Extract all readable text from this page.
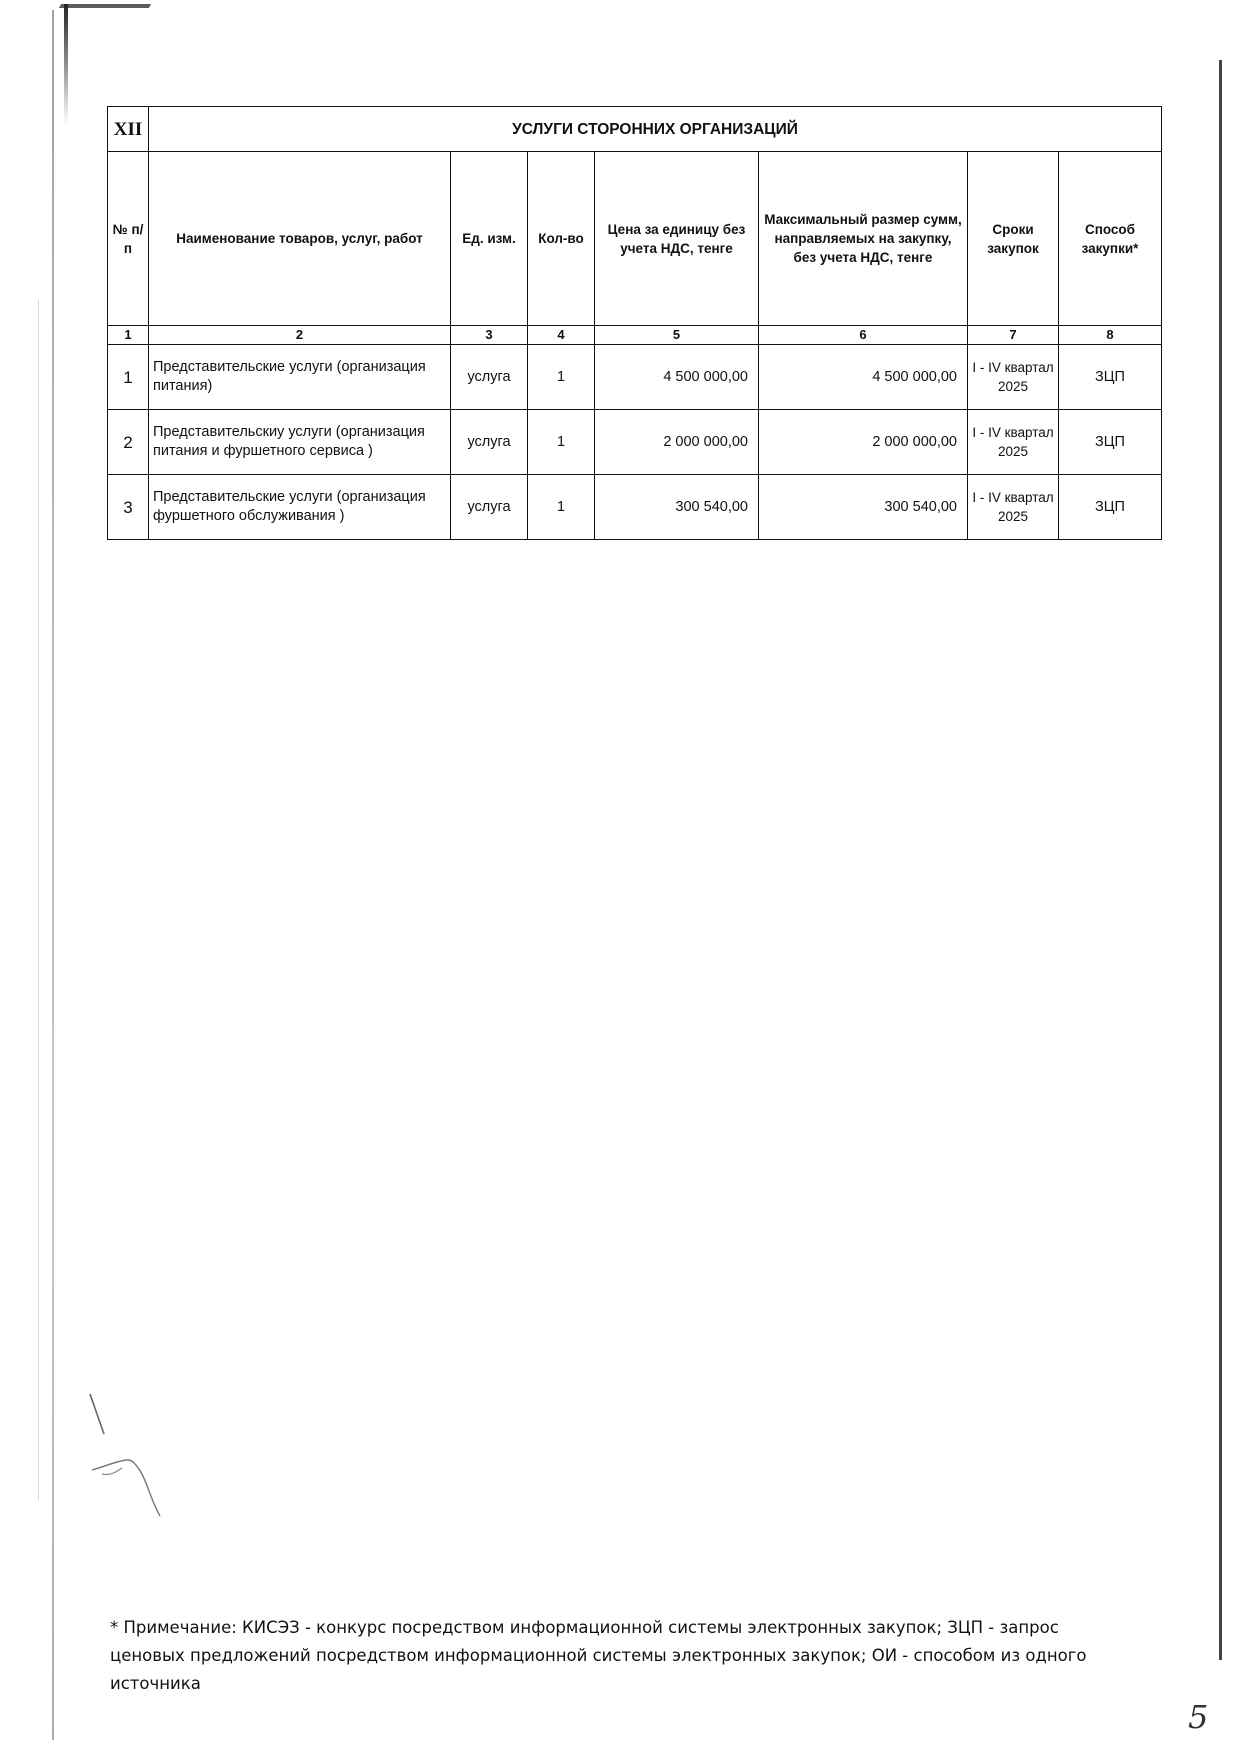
XII	УСЛУГИ СТОРОННИХ ОРГАНИЗАЦИЙ						
№ п/п	Наименование товаров, услуг, работ	Ед. изм.	Кол-во	Цена за единицу без учета НДС, тенге	Максимальный размер сумм, направляемых на закупку, без учета НДС, тенге	Сроки закупок	Способ закупки*
1	2	3	4	5	6	7	8
1	Представительские услуги (организация питания)	услуга	1	4 500 000,00	4 500 000,00	I - IV квартал 2025	ЗЦП
2	Представительскиу услуги (организация питания и фуршетного сервиса )	услуга	1	2 000 000,00	2 000 000,00	I - IV квартал 2025	ЗЦП
3	Представительские услуги (организация фуршетного обслуживания )	услуга	1	300 540,00	300 540,00	I - IV квартал 2025	ЗЦП
* Примечание: КИСЭЗ - конкурс посредством информационной системы электронных закупок; ЗЦП - запрос ценовых предложений посредством информационной системы электронных закупок; ОИ - способом из одного источника
5
